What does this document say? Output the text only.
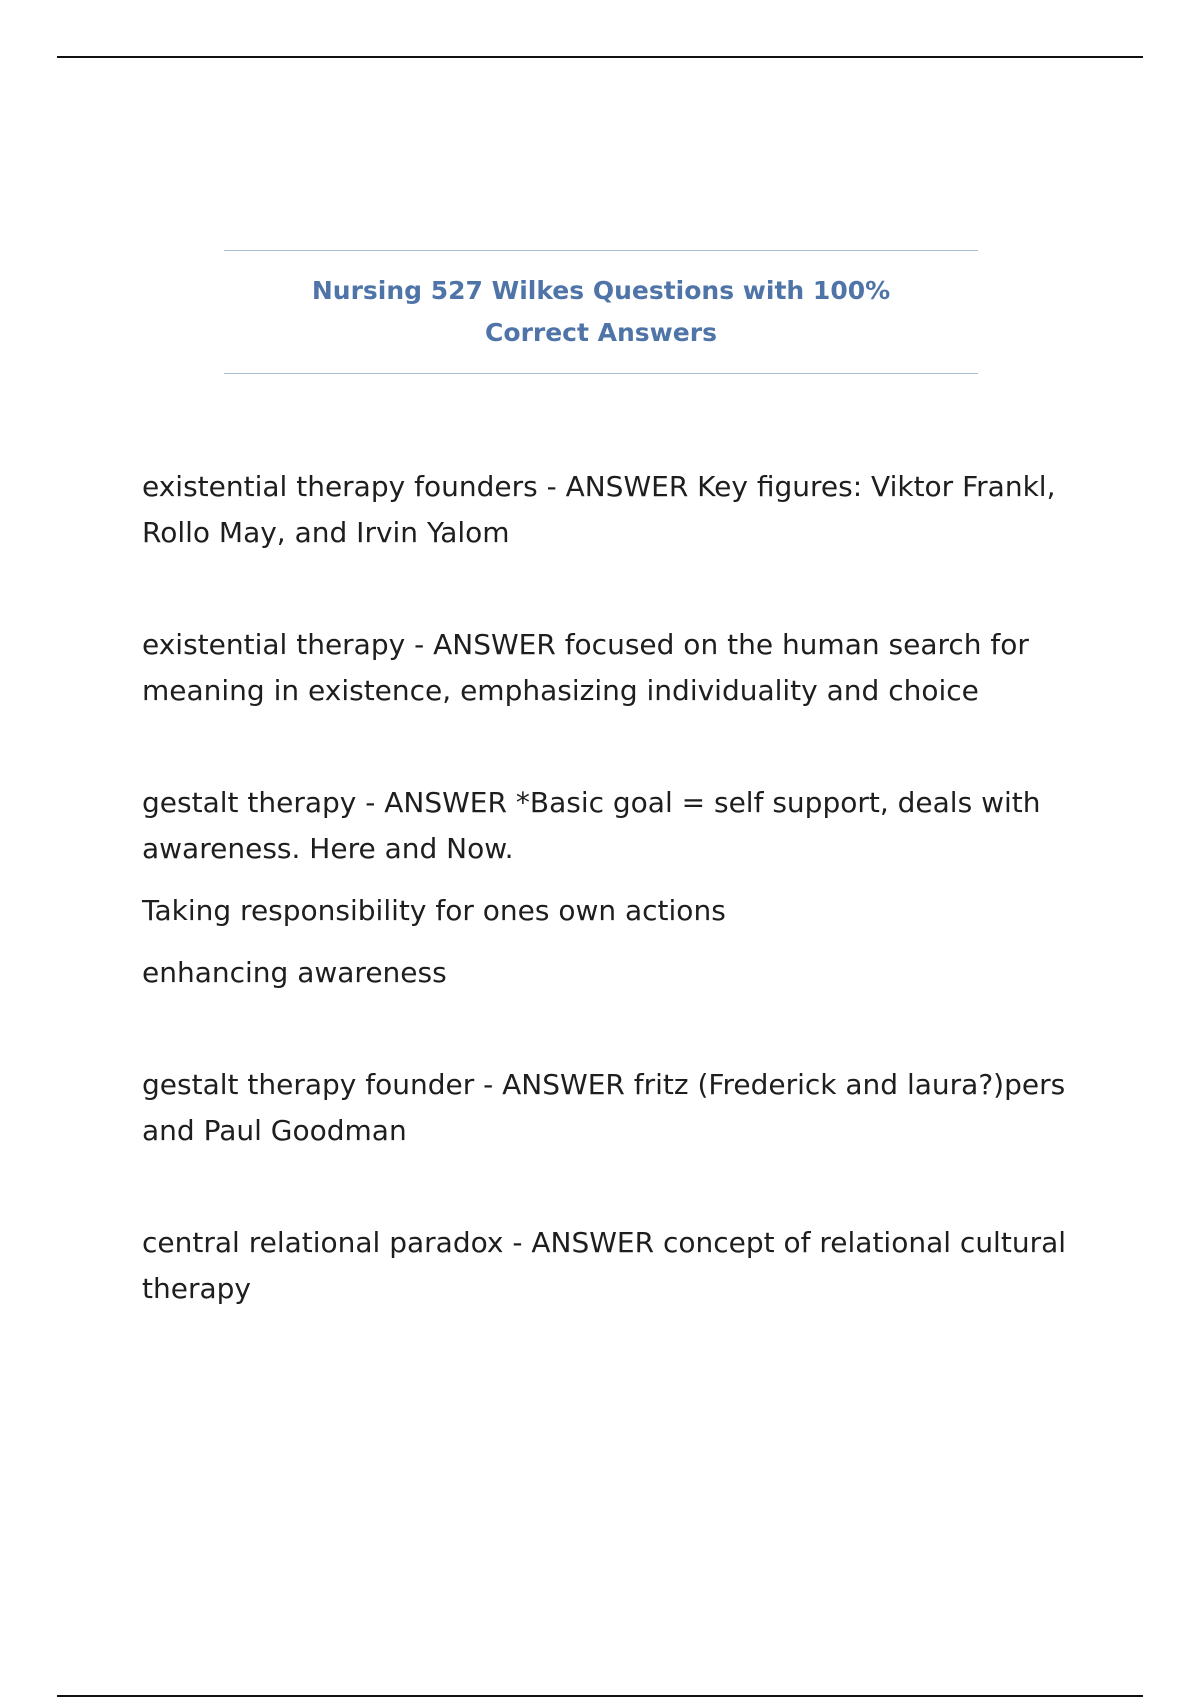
Nursing 527 Wilkes Questions with 100% Correct Answers

existential therapy founders - ANSWER Key figures: Viktor Frankl, Rollo May, and Irvin Yalom

existential therapy - ANSWER focused on the human search for meaning in existence, emphasizing individuality and choice

gestalt therapy - ANSWER *Basic goal = self support, deals with awareness. Here and Now.

Taking responsibility for ones own actions

enhancing awareness

gestalt therapy founder - ANSWER fritz (Frederick and laura?)pers and Paul Goodman

central relational paradox - ANSWER concept of relational cultural therapy
